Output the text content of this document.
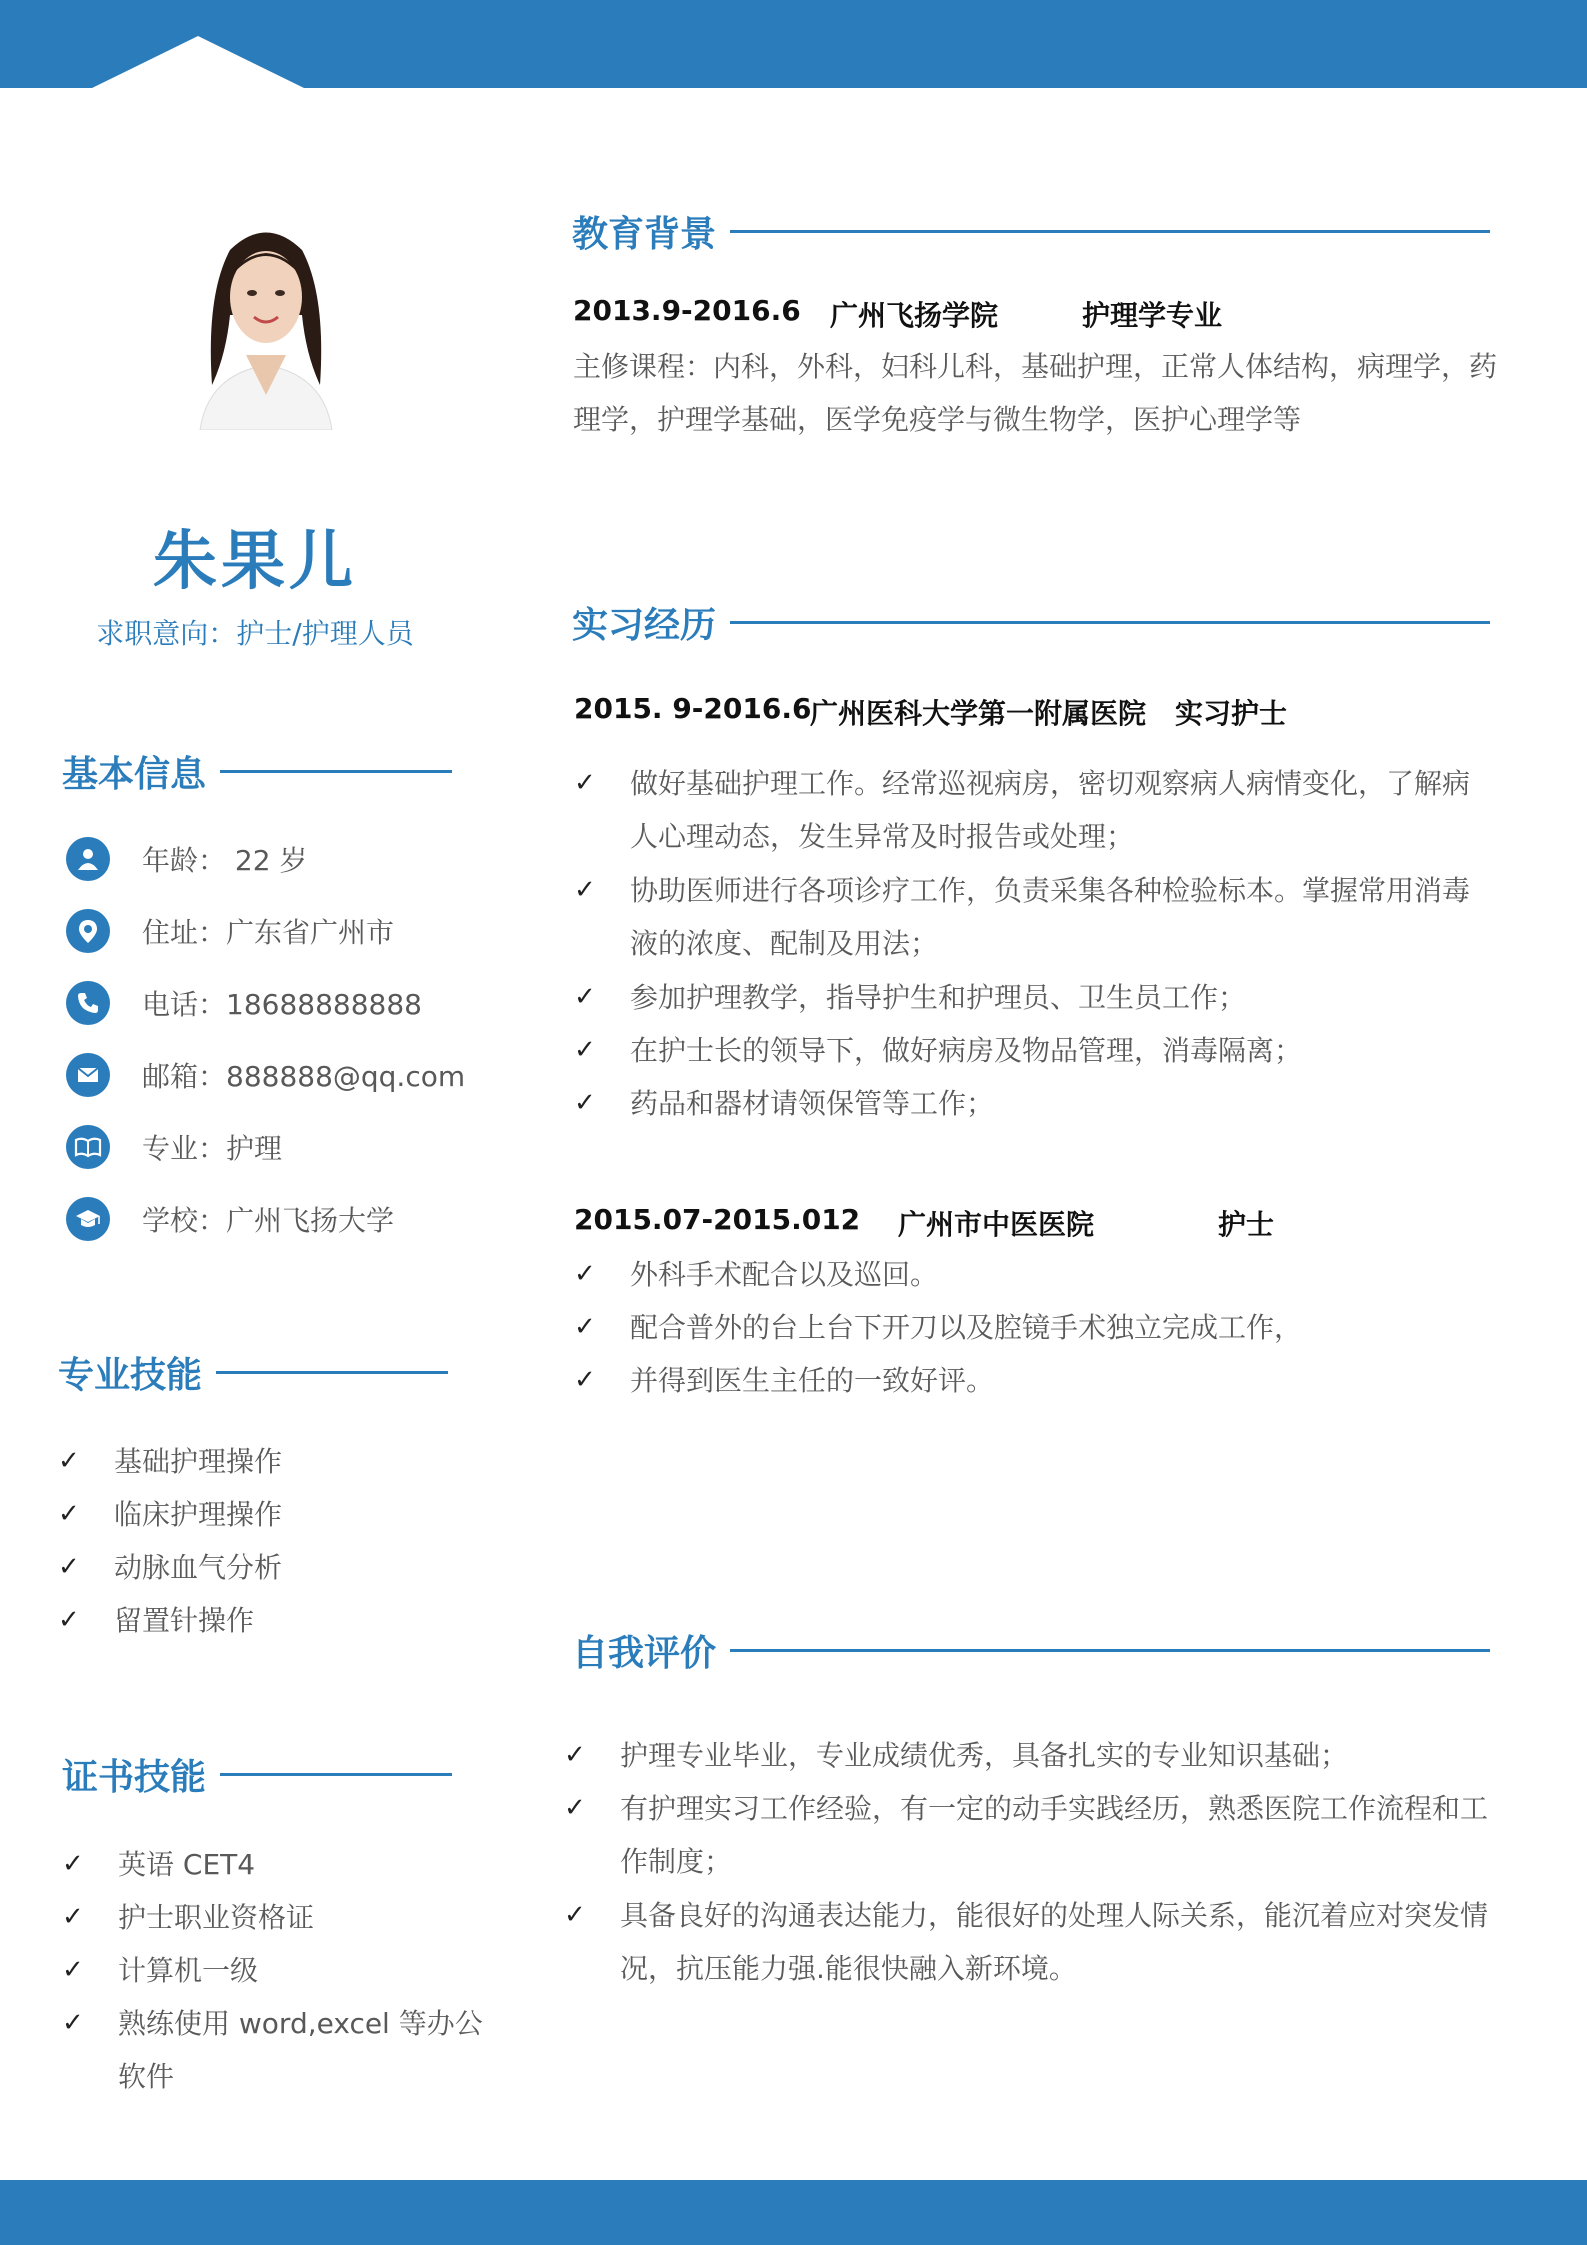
朱果儿
求职意向：护士/护理人员
基本信息
年龄： 22 岁
住址：广东省广州市
电话：18688888888
邮箱：888888@qq.com
专业：护理
学校：广州飞扬大学
专业技能
✓	基础护理操作
✓	临床护理操作
✓	动脉血气分析
✓	留置针操作
证书技能
✓	英语 CET4
✓	护士职业资格证
✓	计算机一级
✓	熟练使用 word,excel 等办公软件
教育背景
2013.9-2016.6 广州飞扬学院	护理学专业
主修课程：内科，外科，妇科儿科，基础护理，正常人体结构，病理学，药理学，护理学基础，医学免疫学与微生物学，医护心理学等
实习经历
2015. 9-2016.6
广州医科大学第一附属医院 实习护士
✓	做好基础护理工作。经常巡视病房，密切观察病人病情变化，了解病人心理动态，发生异常及时报告或处理；
✓	协助医师进行各项诊疗工作，负责采集各种检验标本。掌握常用消毒液的浓度、配制及用法；
✓	参加护理教学，指导护生和护理员、卫生员工作；
✓	在护士长的领导下，做好病房及物品管理，消毒隔离；
✓	药品和器材请领保管等工作；
2015.07-2015.012 广州市中医医院	护士
✓	外科手术配合以及巡回。
✓	配合普外的台上台下开刀以及腔镜手术独立完成工作，
✓	并得到医生主任的一致好评。
自我评价
✓	护理专业毕业，专业成绩优秀，具备扎实的专业知识基础；
✓	有护理实习工作经验，有一定的动手实践经历，熟悉医院工作流程和工作制度；
✓	具备良好的沟通表达能力，能很好的处理人际关系，能沉着应对突发情况，抗压能力强.能很快融入新环境。
